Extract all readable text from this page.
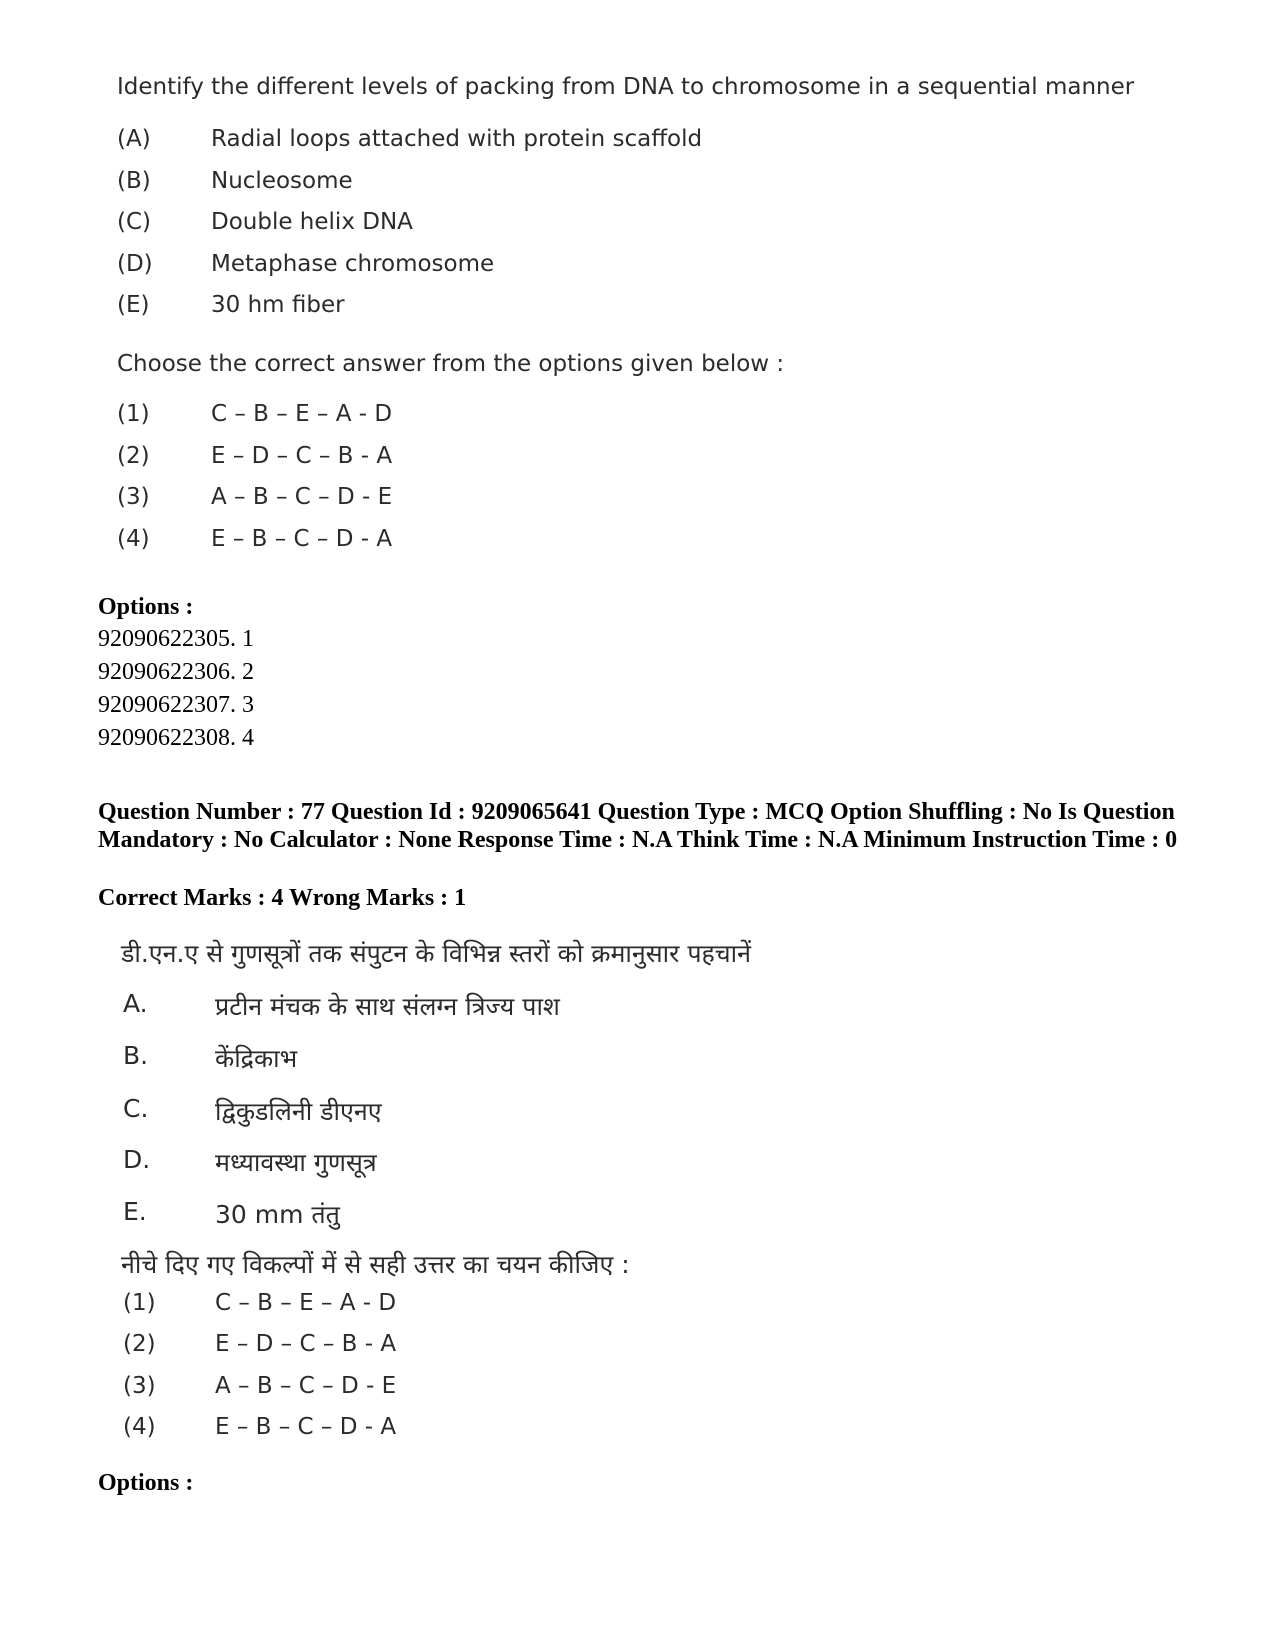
Identify the different levels of packing from DNA to chromosome in a sequential manner
(A)	Radial loops attached with protein scaffold
(B)	Nucleosome
(C)	Double helix DNA
(D)	Metaphase chromosome
(E)	30 hm fiber
Choose the correct answer from the options given below :
(1)	C – B – E – A - D
(2)	E – D – C – B - A
(3)	A – B – C – D - E
(4)	E – B – C – D - A
Options :
92090622305. 1
92090622306. 2
92090622307. 3
92090622308. 4
Question Number : 77 Question Id : 9209065641 Question Type : MCQ Option Shuffling : No Is Question Mandatory : No Calculator : None Response Time : N.A Think Time : N.A Minimum Instruction Time : 0
Correct Marks : 4 Wrong Marks : 1
डी.एन.ए से गुणसूत्रों तक संपुटन के विभिन्न स्तरों को क्रमानुसार पहचानें
A.	प्रटीन मंचक के साथ संलग्न त्रिज्य पाश
B.	केंद्रिकाभ
C.	द्विकुडलिनी डीएनए
D.	मध्यावस्था गुणसूत्र
E.	30 mm तंतु
नीचे दिए गए विकल्पों में से सही उत्तर का चयन कीजिए :
(1)	C – B – E – A - D
(2)	E – D – C – B - A
(3)	A – B – C – D - E
(4)	E – B – C – D - A
Options :
